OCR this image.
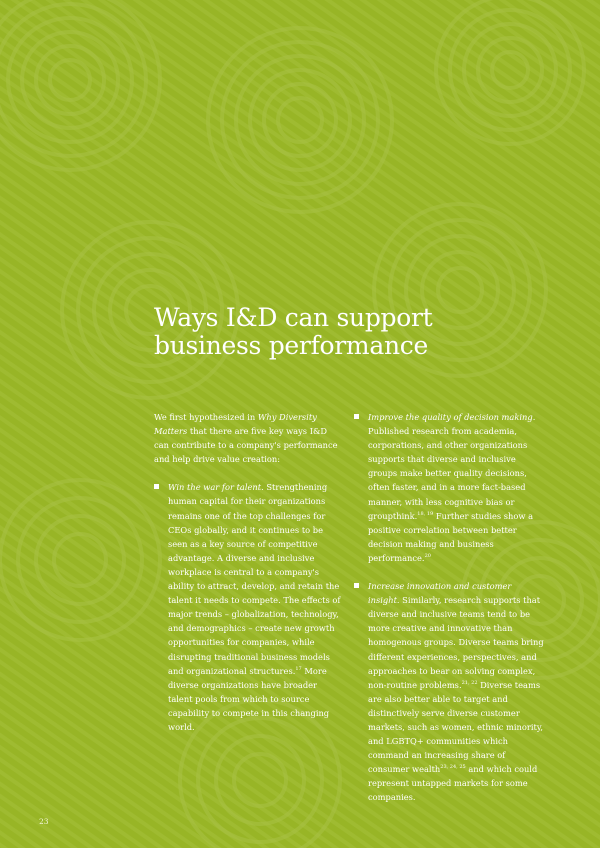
Ways I&D can support
business performance

We first hypothesized in Why Diversity Matters that there are five key ways I&D can contribute to a company's performance and help drive value creation:

Win the war for talent. Strengthening human capital for their organizations remains one of the top challenges for CEOs globally, and it continues to be seen as a key source of competitive advantage. A diverse and inclusive workplace is central to a company's ability to attract, develop, and retain the talent it needs to compete. The effects of major trends – globalization, technology, and demographics – create new growth opportunities for companies, while disrupting traditional business models and organizational structures.$^{17}$ More diverse organizations have broader talent pools from which to source capability to compete in this changing world.
Improve the quality of decision making. Published research from academia, corporations, and other organizations supports that diverse and inclusive groups make better quality decisions, often faster, and in a more fact-based manner, with less cognitive bias or groupthink.$^{18, 19}$ Further studies show a positive correlation between better decision making and business performance.$^{20}$
Increase innovation and customer insight. Similarly, research supports that diverse and inclusive teams tend to be more creative and innovative than homogenous groups. Diverse teams bring different experiences, perspectives, and approaches to bear on solving complex, non-routine problems.$^{21, 22}$ Diverse teams are also better able to target and distinctively serve diverse customer markets, such as women, ethnic minority, and LGBTQ+ communities which command an increasing share of consumer wealth$^{23, 24, 25}$ and which could represent untapped markets for some companies.
23
